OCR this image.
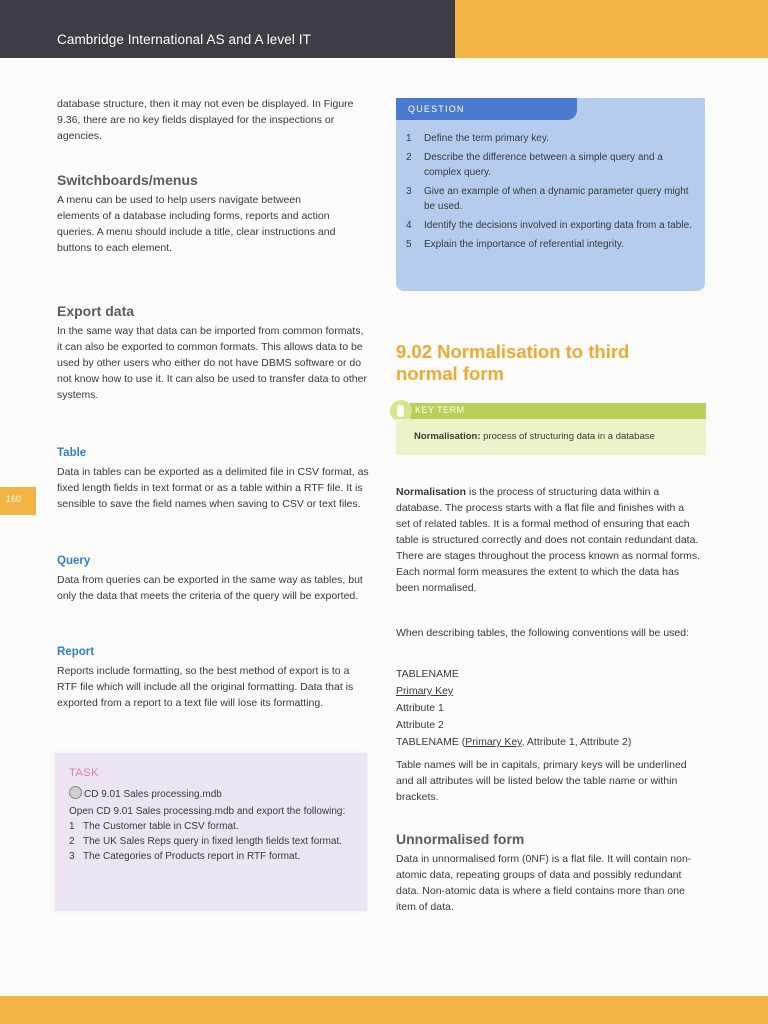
Cambridge International AS and A level IT
160

database structure, then it may not even be displayed. In Figure 9.36, there are no key fields displayed for the inspections or agencies.

Switchboards/menus

A menu can be used to help users navigate between elements of a database including forms, reports and action queries. A menu should include a title, clear instructions and buttons to each element.

Export data

In the same way that data can be imported from common formats, it can also be exported to common formats. This allows data to be used by other users who either do not have DBMS software or do not know how to use it. It can also be used to transfer data to other systems.

Table

Data in tables can be exported as a delimited file in CSV format, as fixed length fields in text format or as a table within a RTF file. It is sensible to save the field names when saving to CSV or text files.

Query

Data from queries can be exported in the same way as tables, but only the data that meets the criteria of the query will be exported.

Report

Reports include formatting, so the best method of export is to a RTF file which will include all the original formatting. Data that is exported from a report to a text file will lose its formatting.

TASK
CD 9.01 Sales processing.mdb
Open CD 9.01 Sales processing.mdb and export the following:
1 The Customer table in CSV format.
2 The UK Sales Reps query in fixed length fields text format.
3 The Categories of Products report in RTF format.
QUESTION
1 Define the term primary key.
2 Describe the difference between a simple query and a complex query.
3 Give an example of when a dynamic parameter query might be used.
4 Identify the decisions involved in exporting data from a table.
5 Explain the importance of referential integrity.
9.02 Normalisation to third
normal form
KEY TERM
Normalisation: process of structuring data in a database

Normalisation is the process of structuring data within a database. The process starts with a flat file and finishes with a set of related tables. It is a formal method of ensuring that each table is structured correctly and does not contain redundant data. There are stages throughout the process known as normal forms. Each normal form measures the extent to which the data has been normalised.

When describing tables, the following conventions will be used:

TABLENAME
Primary Key
Attribute 1
Attribute 2
TABLENAME (Primary Key, Attribute 1, Attribute 2)

Table names will be in capitals, primary keys will be underlined and all attributes will be listed below the table name or within brackets.

Unnormalised form

Data in unnormalised form (0NF) is a flat file. It will contain non-atomic data, repeating groups of data and possibly redundant data. Non-atomic data is where a field contains more than one item of data.
